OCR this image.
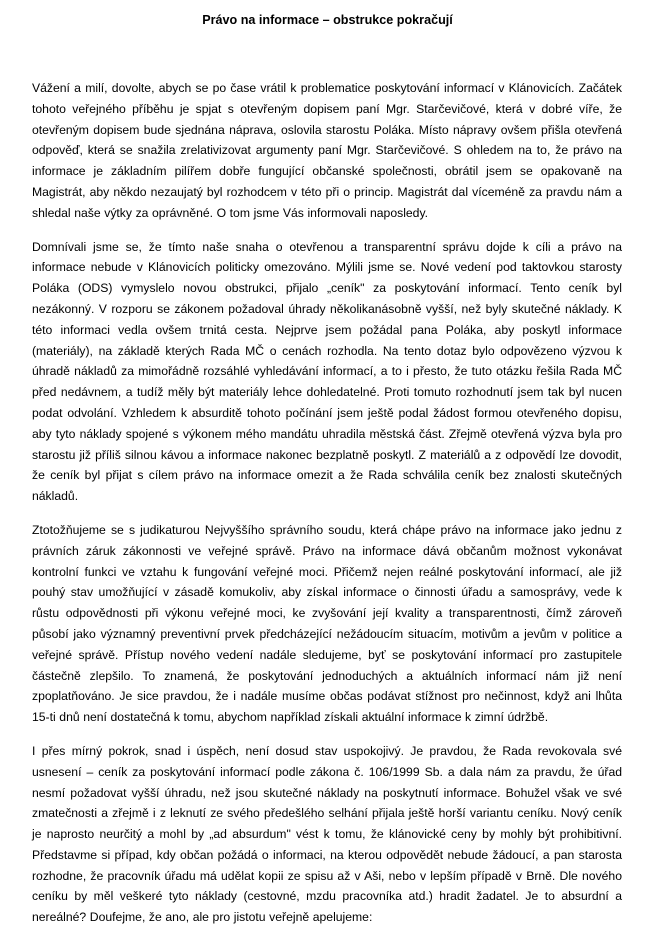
Právo na informace – obstrukce pokračují

Vážení a milí, dovolte, abych se po čase vrátil k problematice poskytování informací v Klánovicích. Začátek tohoto veřejného příběhu je spjat s otevřeným dopisem paní Mgr. Starčevičové, která v dobré víře, že otevřeným dopisem bude sjednána náprava, oslovila starostu Poláka. Místo nápravy ovšem přišla otevřená odpověď, která se snažila zrelativizovat argumenty paní Mgr. Starčevičové. S ohledem na to, že právo na informace je základním pilířem dobře fungující občanské společnosti, obrátil jsem se opakovaně na Magistrát, aby někdo nezaujatý byl rozhodcem v této při o princip. Magistrát dal víceméně za pravdu nám a shledal naše výtky za oprávněné. O tom jsme Vás informovali naposledy.

Domnívali jsme se, že tímto naše snaha o otevřenou a transparentní správu dojde k cíli a právo na informace nebude v Klánovicích politicky omezováno. Mýlili jsme se. Nové vedení pod taktovkou starosty Poláka (ODS) vymyslelo novou obstrukci, přijalo „ceník" za poskytování informací. Tento ceník byl nezákonný. V rozporu se zákonem požadoval úhrady několikanásobně vyšší, než byly skutečné náklady. K této informaci vedla ovšem trnitá cesta. Nejprve jsem požádal pana Poláka, aby poskytl informace (materiály), na základě kterých Rada MČ o cenách rozhodla. Na tento dotaz bylo odpovězeno výzvou k úhradě nákladů za mimořádně rozsáhlé vyhledávání informací, a to i přesto, že tuto otázku řešila Rada MČ před nedávnem, a tudíž měly být materiály lehce dohledatelné. Proti tomuto rozhodnutí jsem tak byl nucen podat odvolání. Vzhledem k absurditě tohoto počínání jsem ještě podal žádost formou otevřeného dopisu, aby tyto náklady spojené s výkonem mého mandátu uhradila městská část. Zřejmě otevřená výzva byla pro starostu již příliš silnou kávou a informace nakonec bezplatně poskytl. Z materiálů a z odpovědí lze dovodit, že ceník byl přijat s cílem právo na informace omezit a že Rada schválila ceník bez znalosti skutečných nákladů.

Ztotožňujeme se s judikaturou Nejvyššího správního soudu, která chápe právo na informace jako jednu z právních záruk zákonnosti ve veřejné správě. Právo na informace dává občanům možnost vykonávat kontrolní funkci ve vztahu k fungování veřejné moci. Přičemž nejen reálné poskytování informací, ale již pouhý stav umožňující v zásadě komukoliv, aby získal informace o činnosti úřadu a samosprávy, vede k růstu odpovědnosti při výkonu veřejné moci, ke zvyšování její kvality a transparentnosti, čímž zároveň působí jako významný preventivní prvek předcházející nežádoucím situacím, motivům a jevům v politice a veřejné správě. Přístup nového vedení nadále sledujeme, byť se poskytování informací pro zastupitele částečně zlepšilo. To znamená, že poskytování jednoduchých a aktuálních informací nám již není zpoplatňováno. Je sice pravdou, že i nadále musíme občas podávat stížnost pro nečinnost, když ani lhůta 15-ti dnů není dostatečná k tomu, abychom například získali aktuální informace k zimní údržbě.

I přes mírný pokrok, snad i úspěch, není dosud stav uspokojivý. Je pravdou, že Rada revokovala své usnesení – ceník za poskytování informací podle zákona č. 106/1999 Sb. a dala nám za pravdu, že úřad nesmí požadovat vyšší úhradu, než jsou skutečné náklady na poskytnutí informace. Bohužel však ve své zmatečnosti a zřejmě i z leknutí ze svého předešlého selhání přijala ještě horší variantu ceníku. Nový ceník je naprosto neurčitý a mohl by „ad absurdum" vést k tomu, že klánovické ceny by mohly být prohibitivní. Představme si případ, kdy občan požádá o informaci, na kterou odpovědět nebude žádoucí, a pan starosta rozhodne, že pracovník úřadu má udělat kopii ze spisu až v Aši, nebo v lepším případě v Brně. Dle nového ceníku by měl veškeré tyto náklady (cestovné, mzdu pracovníka atd.) hradit žadatel. Je to absurdní a nereálné? Doufejme, že ano, ale pro jistotu veřejně apelujeme:
